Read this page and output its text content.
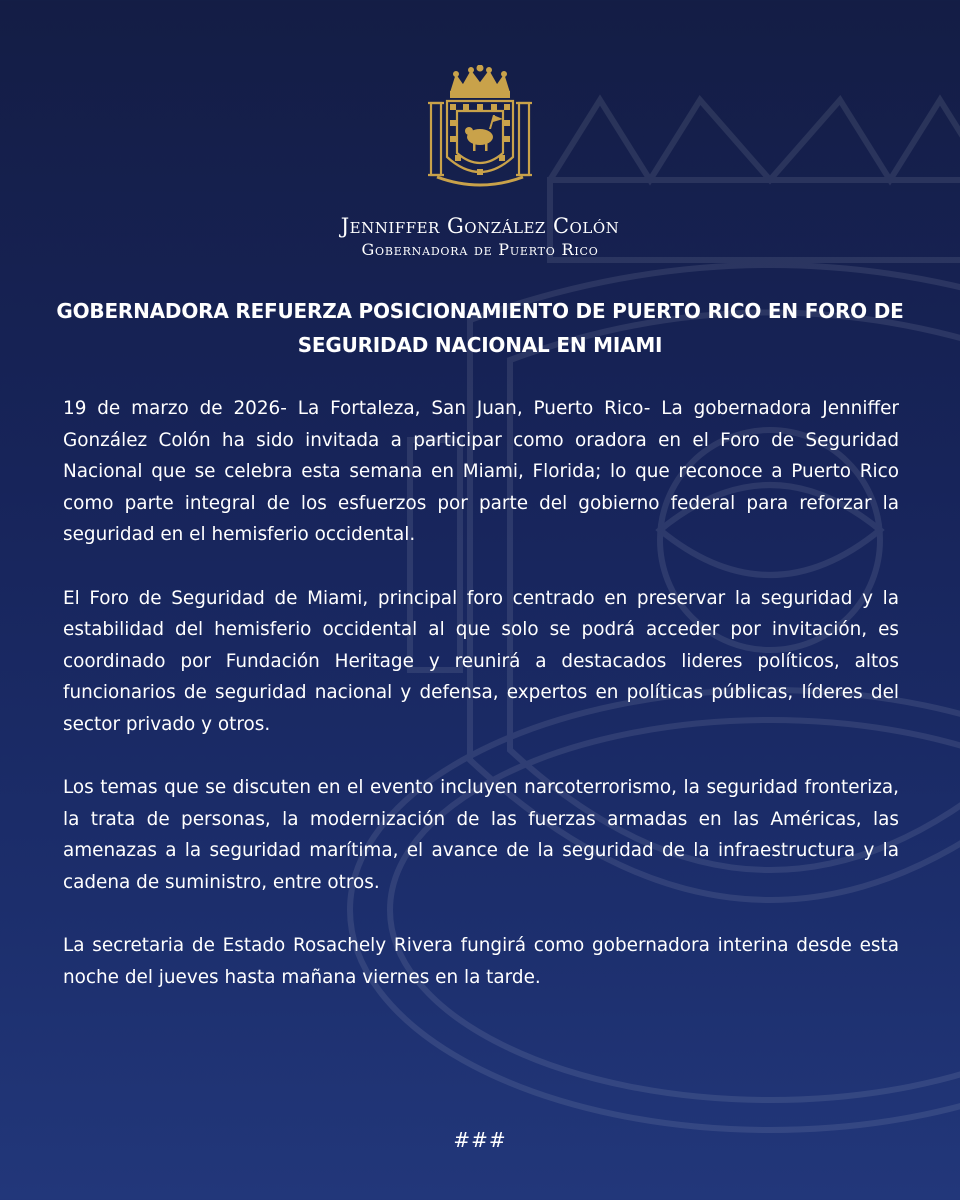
Jenniffer González Colón
Gobernadora de Puerto Rico
GOBERNADORA REFUERZA POSICIONAMIENTO DE PUERTO RICO EN FORO DE SEGURIDAD NACIONAL EN MIAMI

19 de marzo de 2026- La Fortaleza, San Juan, Puerto Rico- La gobernadora Jenniffer González Colón ha sido invitada a participar como oradora en el Foro de Seguridad Nacional que se celebra esta semana en Miami, Florida; lo que reconoce a Puerto Rico como parte integral de los esfuerzos por parte del gobierno federal para reforzar la seguridad en el hemisferio occidental.

El Foro de Seguridad de Miami, principal foro centrado en preservar la seguridad y la estabilidad del hemisferio occidental al que solo se podrá acceder por invitación, es coordinado por Fundación Heritage y reunirá a destacados lideres políticos, altos funcionarios de seguridad nacional y defensa, expertos en políticas públicas, líderes del sector privado y otros.

Los temas que se discuten en el evento incluyen narcoterrorismo, la seguridad fronteriza, la trata de personas, la modernización de las fuerzas armadas en las Américas, las amenazas a la seguridad marítima, el avance de la seguridad de la infraestructura y la cadena de suministro, entre otros.

La secretaria de Estado Rosachely Rivera fungirá como gobernadora interina desde esta noche del jueves hasta mañana viernes en la tarde.

###
